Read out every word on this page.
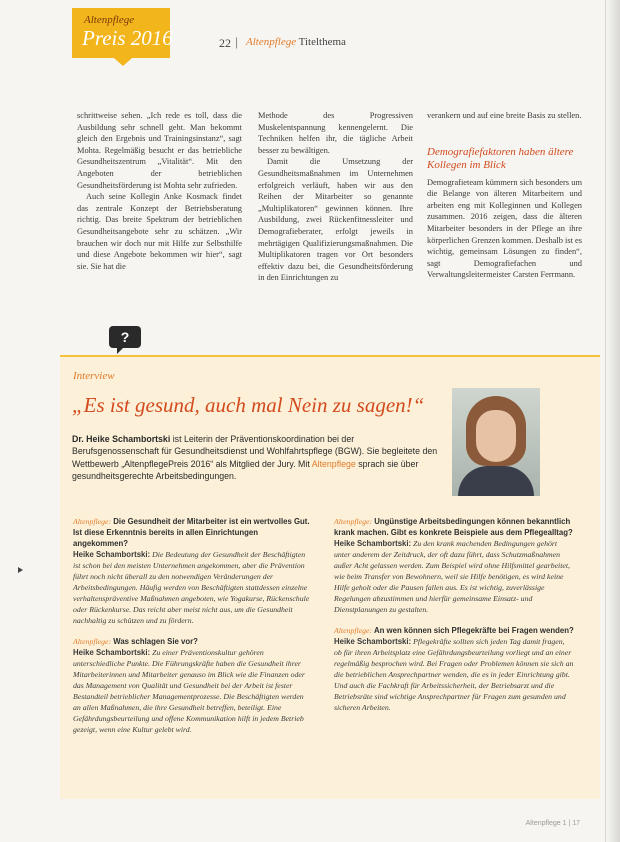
Altenpflege
Preis 2016	22 | Altenpflege Titelthema

schrittweise sehen. „Ich rede es toll, dass die Ausbildung sehr schnell geht. Man bekommt gleich den Ergebnis und Trainingsinstanz“, sagt Mohta. Regelmäßig besucht er das betriebliche Gesundheitszentrum „Vitalität“. Mit den Angeboten der betrieblichen Gesundheitsförderung ist Mohta sehr zufrieden.

Auch seine Kollegin Anke Kosmack findet das zentrale Konzept der Betriebsberatung richtig. Das breite Spektrum der betrieblichen Gesundheitsangebote sehr zu schätzen. „Wir brauchen wir doch nur mit Hilfe zur Selbsthilfe und diese Angebote bekommen wir hier“, sagt sie. Sie hat die

Methode des Progressiven Muskelentspannung kennengelernt. Die Techniken helfen ihr, die tägliche Arbeit besser zu bewältigen.

Damit die Umsetzung der Gesundheitsmaßnahmen im Unternehmen erfolgreich verläuft, haben wir aus den Reihen der Mitarbeiter so genannte „Multiplikatoren“ gewinnen können. Ihre Ausbildung, zwei Rückenfitnessleiter und Demografieberater, erfolgt jeweils in mehrtägigen Qualifizierungsmaßnahmen. Die Multiplikatoren tragen vor Ort besonders effektiv dazu bei, die Gesundheitsförderung in den Einrichtungen zu

verankern und auf eine breite Basis zu stellen.

Demografiefaktoren haben ältere Kollegen im Blick

Demografieteam kümmern sich besonders um die Belange von älteren Mitarbeitern und arbeiten eng mit Kolleginnen und Kollegen zusammen. 2016 zeigen, dass die älteren Mitarbeiter besonders in der Pflege an ihre körperlichen Grenzen kommen. Deshalb ist es wichtig, gemeinsam Lösungen zu finden“, sagt Demografiefachen und Verwaltungsleitermeister Carsten Ferrmann.

?
Interview
„Es ist gesund, auch mal Nein zu sagen!“
Dr. Heike Schambortski ist Leiterin der Präventionskoordination bei der Berufsgenossenschaft für Gesundheitsdienst und Wohlfahrtspflege (BGW). Sie begleitete den Wettbewerb „AltenpflegePreis 2016“ als Mitglied der Jury. Mit Altenpflege sprach sie über gesundheitsgerechte Arbeitsbedingungen.
Altenpflege: Die Gesundheit der Mitarbeiter ist ein wertvolles Gut. Ist diese Erkenntnis bereits in allen Einrichtungen angekommen?
Heike Schambortski: Die Bedeutung der Gesundheit der Beschäftigten ist schon bei den meisten Unternehmen angekommen, aber die Prävention führt noch nicht überall zu den notwendigen Veränderungen der Arbeitsbedingungen. Häufig werden von Beschäftigten stattdessen einzelne verhaltenspräventive Maßnahmen angeboten, wie Yogakurse, Rückenschule oder Rückenkurse. Das reicht aber meist nicht aus, um die Gesundheit nachhaltig zu schützen und zu fördern.
Altenpflege: Was schlagen Sie vor?
Heike Schambortski: Zu einer Präventionskultur gehören unterschiedliche Punkte. Die Führungskräfte haben die Gesundheit ihrer Mitarbeiterinnen und Mitarbeiter genauso im Blick wie die Finanzen oder das Management von Qualität und Gesundheit bei der Arbeit ist fester Bestandteil betrieblicher Managementprozesse. Die Beschäftigten werden an allen Maßnahmen, die ihre Gesundheit betreffen, beteiligt. Eine Gefährdungsbeurteilung und offene Kommunikation hilft in jedem Betrieb gezeigt, wenn eine Kultur gelebt wird.
Altenpflege: Ungünstige Arbeitsbedingungen können bekanntlich krank machen. Gibt es konkrete Beispiele aus dem Pflegealltag?
Heike Schambortski: Zu den krank machenden Bedingungen gehört unter anderem der Zeitdruck, der oft dazu führt, dass Schutzmaßnahmen außer Acht gelassen werden. Zum Beispiel wird ohne Hilfsmittel gearbeitet, wie beim Transfer von Bewohnern, weil sie Hilfe benötigen, es wird keine Hilfe geholt oder die Pausen fallen aus. Es ist wichtig, zuverlässige Regelungen abzustimmen und hierfür gemeinsame Einsatz- und Dienstplanungen zu gestalten.
Altenpflege: An wen können sich Pflegekräfte bei Fragen wenden?
Heike Schambortski: Pflegekräfte sollten sich jeden Tag damit fragen, ob für ihren Arbeitsplatz eine Gefährdungsbeurteilung vorliegt und an einer regelmäßig besprochen wird. Bei Fragen oder Problemen können sie sich an die betrieblichen Ansprechpartner wenden, die es in jeder Einrichtung gibt. Und auch die Fachkraft für Arbeitssicherheit, der Betriebsarzt und die Betriebsräte sind wichtige Ansprechpartner für Fragen zum gesunden und sicheren Arbeiten.
Altenpflege 1 | 17
